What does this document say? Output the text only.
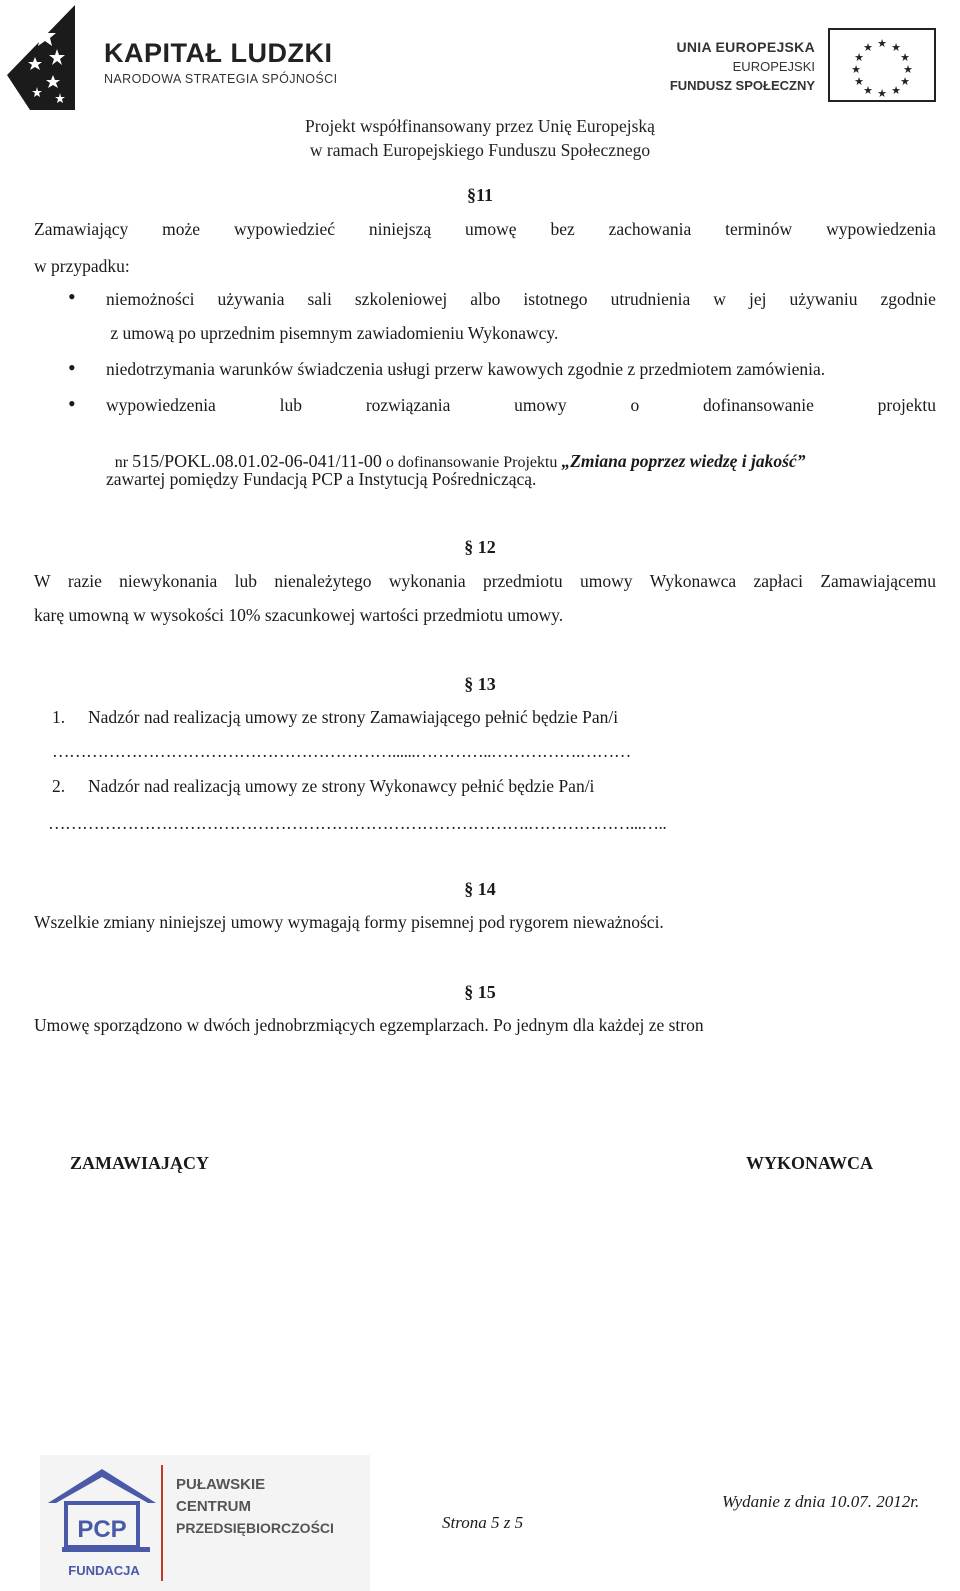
KAPITAŁ LUDZKI
NARODOWA STRATEGIA SPÓJNOŚCI
UNIA EUROPEJSKA
EUROPEJSKI
FUNDUSZ SPOŁECZNY
★ ★
★
★
★
★
★
★
★
★
★
★
Projekt współfinansowany przez Unię Europejską
w ramach Europejskiego Funduszu Społecznego
§11
Zamawiający może wypowiedzieć niniejszą umowę bez zachowania terminów wypowiedzenia
w przypadku:
• niemożności używania sali szkoleniowej albo istotnego utrudnienia w jej używaniu zgodnie
z umową po uprzednim pisemnym zawiadomieniu Wykonawcy.
• niedotrzymania warunków świadczenia usługi przerw kawowych zgodnie z przedmiotem zamówienia.
• wypowiedzenia	lub	rozwiązania	umowy	o	dofinansowanie	projektu

nr 515/POKL.08.01.02-06-041/11-00 o dofinansowanie Projektu „Zmiana poprzez wiedzę i jakość”

zawartej pomiędzy Fundacją PCP a Instytucją Pośredniczącą.
§ 12
W razie niewykonania lub nienależytego wykonania przedmiotu umowy Wykonawca zapłaci Zamawiającemu
karę umowną w wysokości 10% szacunkowej wartości przedmiotu umowy.
§ 13
1. Nadzór nad realizacją umowy ze strony Zamawiającego pełnić będzie Pan/i
……………………………………………………......…………..…………….………
2. Nadzór nad realizacją umowy ze strony Wykonawcy pełnić będzie Pan/i
………………………………………………………………………….………………...…..
§ 14
Wszelkie zmiany niniejszej umowy wymagają formy pisemnej pod rygorem nieważności.
§ 15
Umowę sporządzono w dwóch jednobrzmiących egzemplarzach. Po jednym dla każdej ze stron
ZAMAWIAJĄCY	WYKONAWCA
PCP
FUNDACJA
PUŁAWSKIE
CENTRUM
PRZEDSIĘBIORCZOŚCI	Strona 5 z 5
Wydanie z dnia 10.07. 2012r.
